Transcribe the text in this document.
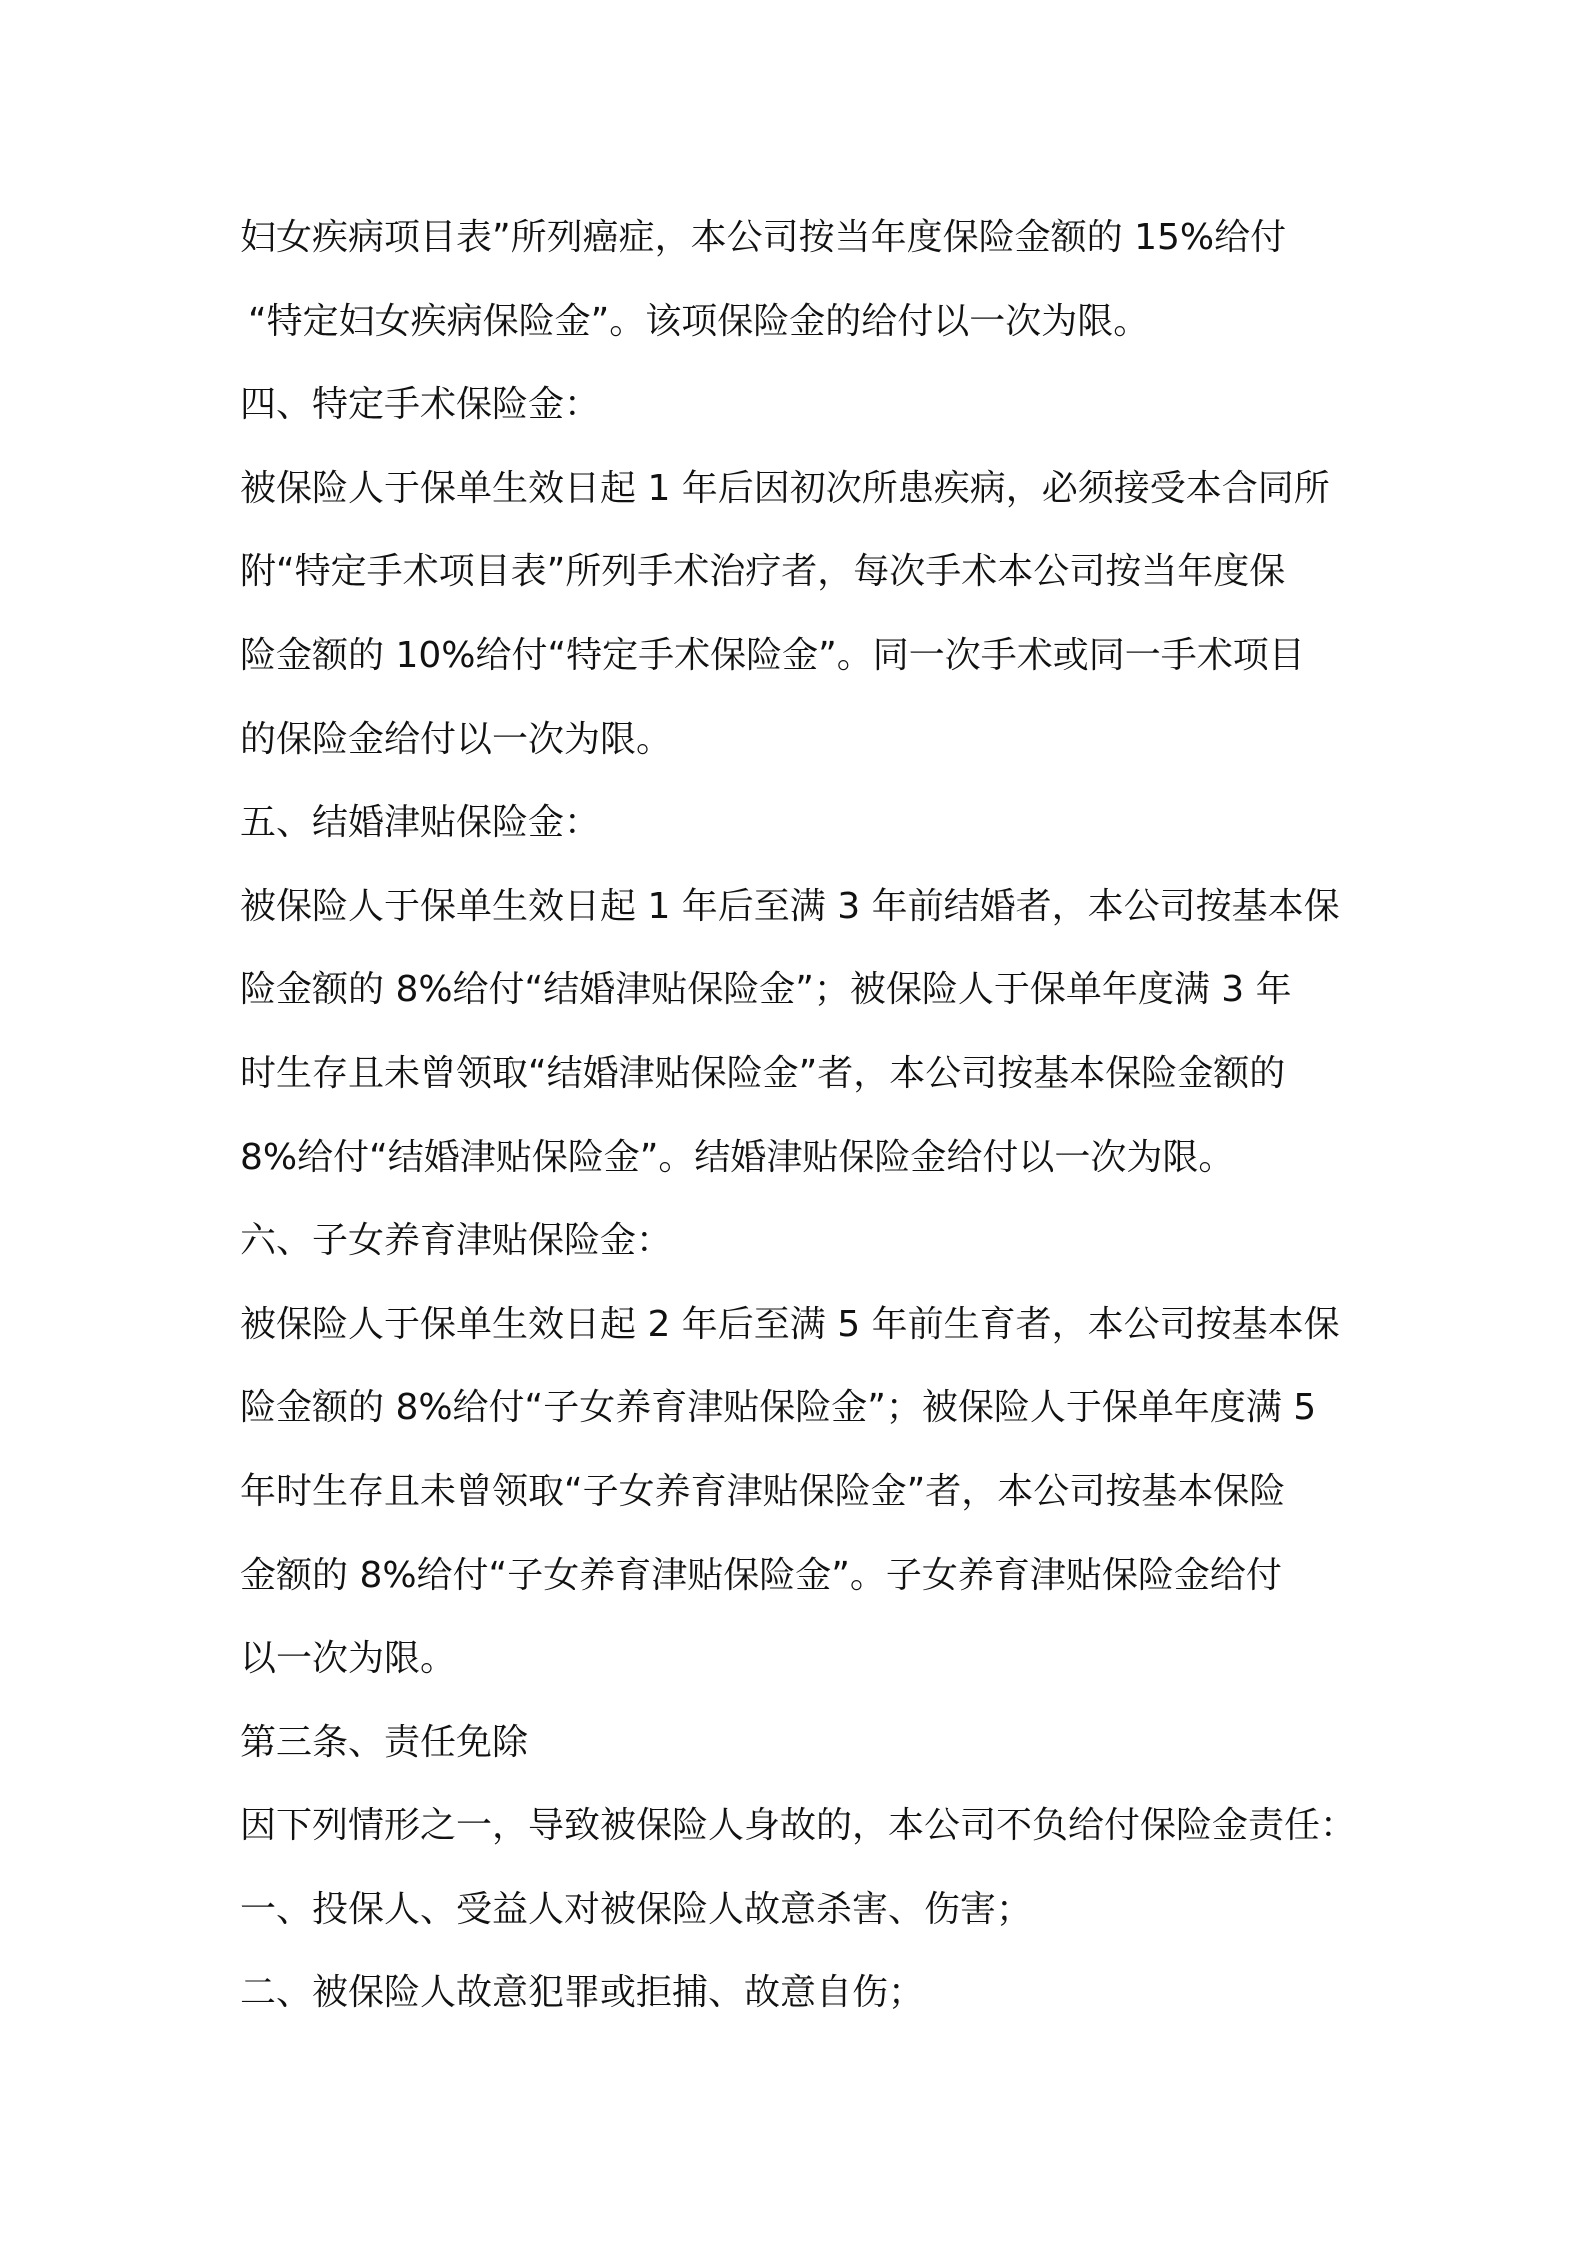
妇女疾病项目表”所列癌症，本公司按当年度保险金额的 15%给付
“特定妇女疾病保险金”。该项保险金的给付以一次为限。
四、特定手术保险金：
被保险人于保单生效日起 1 年后因初次所患疾病，必须接受本合同所
附“特定手术项目表”所列手术治疗者，每次手术本公司按当年度保
险金额的 10%给付“特定手术保险金”。同一次手术或同一手术项目
的保险金给付以一次为限。
五、结婚津贴保险金：
被保险人于保单生效日起 1 年后至满 3 年前结婚者，本公司按基本保
险金额的 8%给付“结婚津贴保险金”；被保险人于保单年度满 3 年
时生存且未曾领取“结婚津贴保险金”者，本公司按基本保险金额的
8%给付“结婚津贴保险金”。结婚津贴保险金给付以一次为限。
六、子女养育津贴保险金：
被保险人于保单生效日起 2 年后至满 5 年前生育者，本公司按基本保
险金额的 8%给付“子女养育津贴保险金”；被保险人于保单年度满 5
年时生存且未曾领取“子女养育津贴保险金”者，本公司按基本保险
金额的 8%给付“子女养育津贴保险金”。子女养育津贴保险金给付
以一次为限。
第三条、责任免除
因下列情形之一，导致被保险人身故的，本公司不负给付保险金责任：
一、投保人、受益人对被保险人故意杀害、伤害；
二、被保险人故意犯罪或拒捕、故意自伤；
